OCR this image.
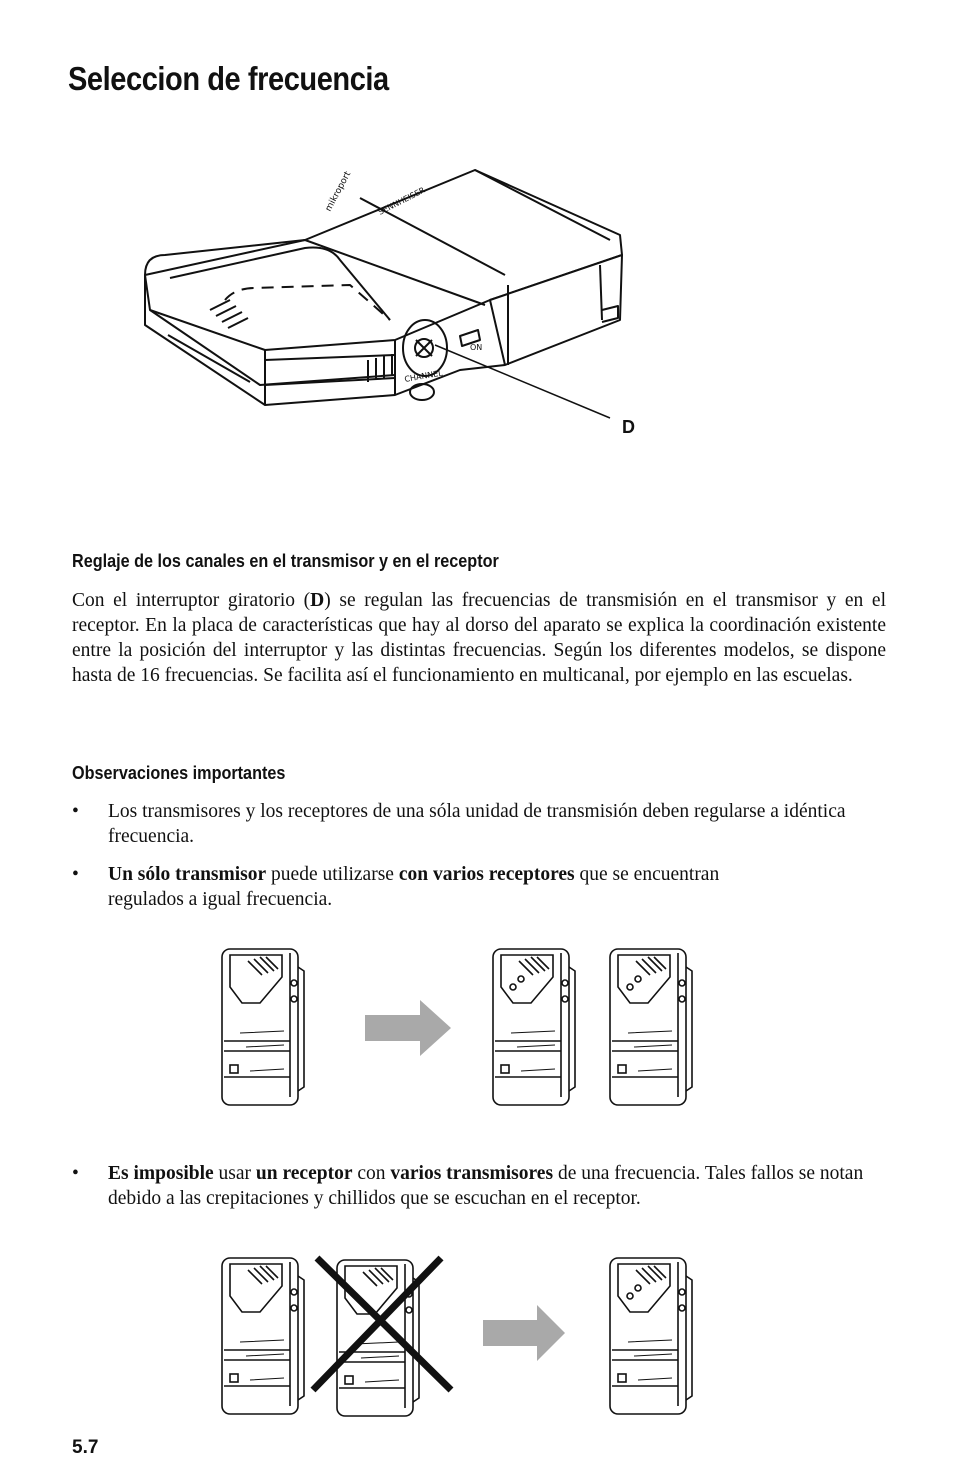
Seleccion de frecuencia
mikroport	SENNHEISER
ON
CHANNEL
D
Reglaje de los canales en el transmisor y en el receptor

Con el interruptor giratorio (D) se regulan las frecuencias de transmisión en el transmisor y en el receptor. En la placa de características que hay al dorso del aparato se explica la coordinación existente entre la posición del interruptor y las distintas frecuencias. Según los diferentes modelos, se dispone hasta de 16 frecuencias. Se facilita así el funcionamiento en multicanal, por ejemplo en las escuelas.

Observaciones importantes
• Los transmisores y los receptores de una sóla unidad de transmisión deben regularse a idéntica frecuencia.
• Un sólo transmisor puede utilizarse con varios receptores que se encuentran regulados a igual frecuencia.
• Es imposible usar un receptor con varios transmisores de una frecuencia. Tales fallos se notan debido a las crepitaciones y chillidos que se escuchan en el receptor.
5.7
